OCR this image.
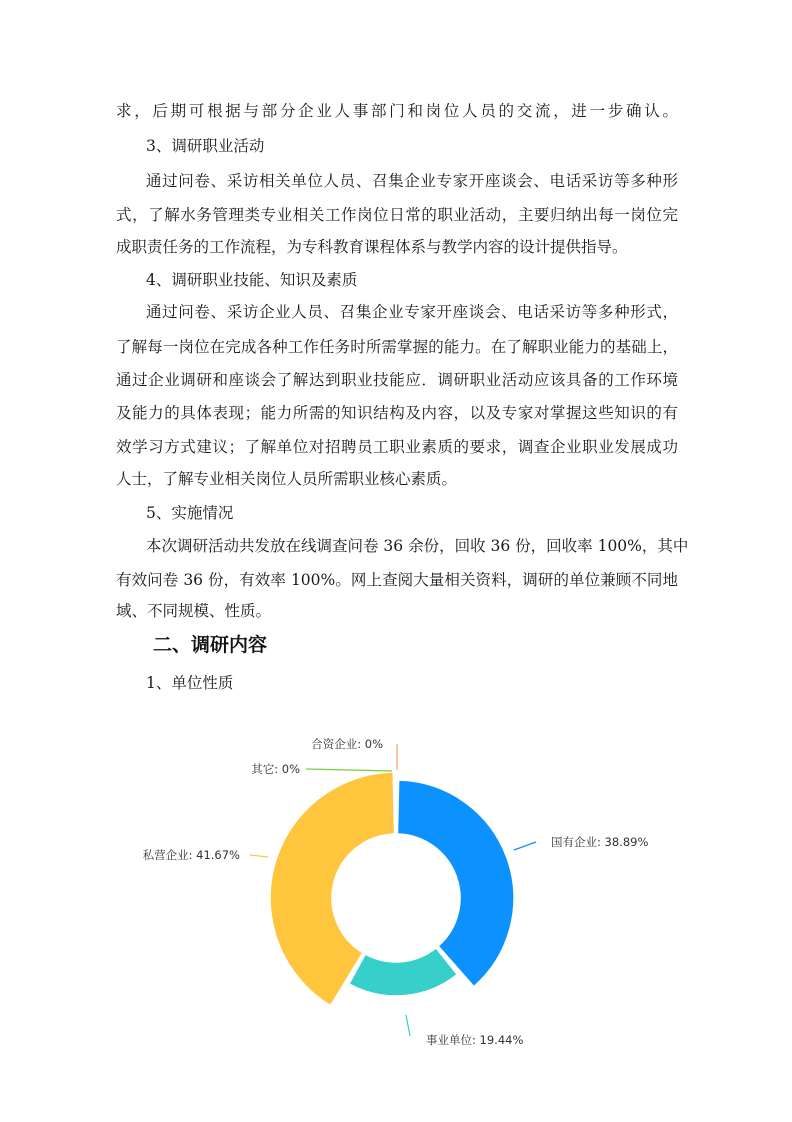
求，后期可根据与部分企业人事部门和岗位人员的交流，进一步确认。
3、调研职业活动
通过问卷、采访相关单位人员、召集企业专家开座谈会、电话采访等多种形
式，了解水务管理类专业相关工作岗位日常的职业活动，主要归纳出每一岗位完
成职责任务的工作流程，为专科教育课程体系与教学内容的设计提供指导。
4、调研职业技能、知识及素质
通过问卷、采访企业人员、召集企业专家开座谈会、电话采访等多种形式，
了解每一岗位在完成各种工作任务时所需掌握的能力。在了解职业能力的基础上，
通过企业调研和座谈会了解达到职业技能应．调研职业活动应该具备的工作环境
及能力的具体表现；能力所需的知识结构及内容，以及专家对掌握这些知识的有
效学习方式建议；了解单位对招聘员工职业素质的要求，调查企业职业发展成功
人士，了解专业相关岗位人员所需职业核心素质。
5、实施情况
本次调研活动共发放在线调查问卷 36 余份，回收 36 份，回收率 100%，其中
有效问卷 36 份，有效率 100%。网上查阅大量相关资料，调研的单位兼顾不同地
域、不同规模、性质。
二、调研内容
1、单位性质
国有企业: 38.89%
事业单位: 19.44%
私营企业: 41.67%
其它: 0%
合资企业: 0%
